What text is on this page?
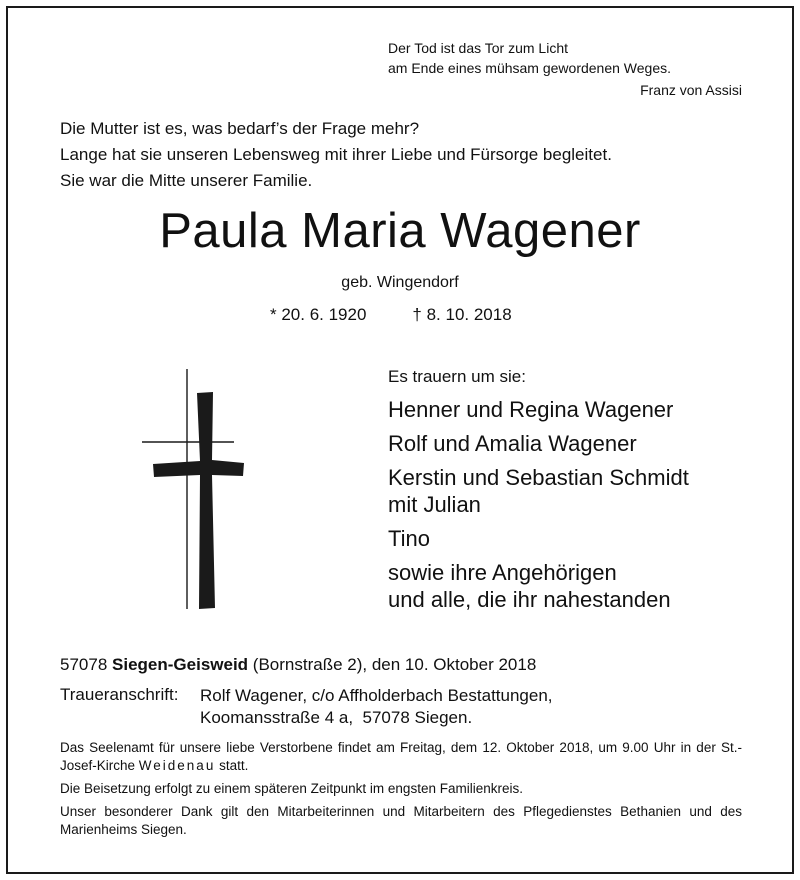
Der Tod ist das Tor zum Licht
am Ende eines mühsam gewordenen Weges.
Franz von Assisi
Die Mutter ist es, was bedarf’s der Frage mehr?
Lange hat sie unseren Lebensweg mit ihrer Liebe und Fürsorge begleitet.
Sie war die Mitte unserer Familie.
Paula Maria Wagener
geb. Wingendorf
* 20. 6. 1920	† 8. 10. 2018
Es trauern um sie:
Henner und Regina Wagener
Rolf und Amalia Wagener
Kerstin und Sebastian Schmidt
mit Julian
Tino
sowie ihre Angehörigen
und alle, die ihr nahestanden
57078 Siegen-Geisweid (Bornstraße 2), den 10. Oktober 2018
Traueranschrift: Rolf Wagener, c/o Affholderbach Bestattungen,
Koomansstraße 4 a,  57078 Siegen.

Das Seelenamt für unsere liebe Verstorbene findet am Freitag, dem 12. Oktober 2018, um 9.00 Uhr in der St.-Josef-Kirche Weidenau statt.

Die Beisetzung erfolgt zu einem späteren Zeitpunkt im engsten Familienkreis.

Unser besonderer Dank gilt den Mitarbeiterinnen und Mitarbeitern des Pflegedienstes Bethanien und des Marienheims Siegen.
